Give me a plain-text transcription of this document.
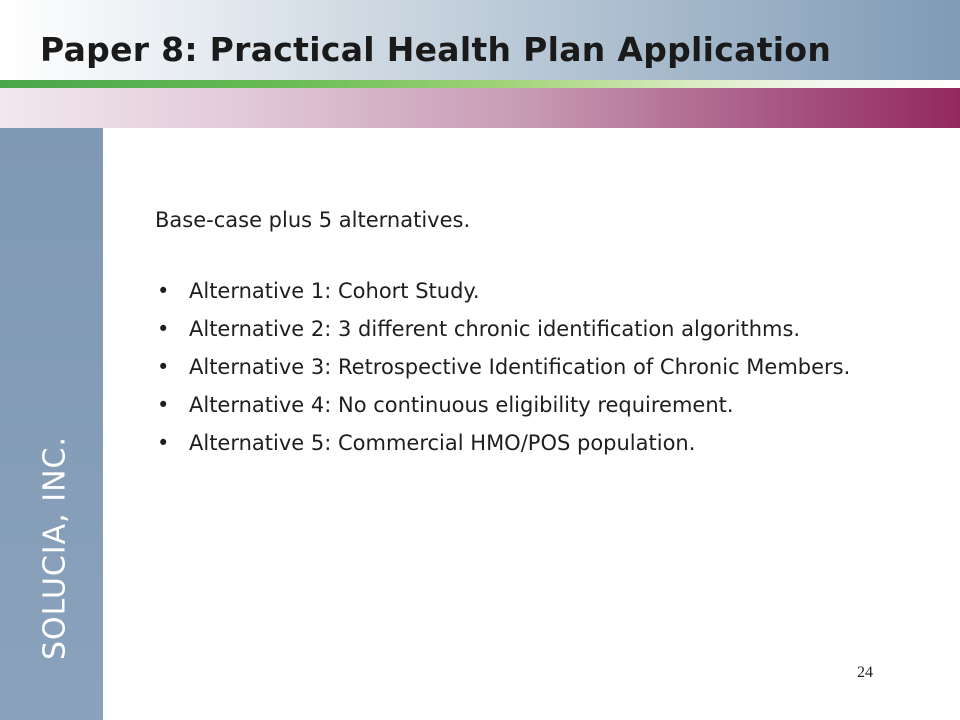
Paper 8: Practical Health Plan Application
SOLUCIA, INC.

Base-case plus 5 alternatives.

• Alternative 1: Cohort Study.
• Alternative 2: 3 different chronic identification algorithms.
• Alternative 3: Retrospective Identification of Chronic Members.
• Alternative 4: No continuous eligibility requirement.
• Alternative 5: Commercial HMO/POS population.
24
